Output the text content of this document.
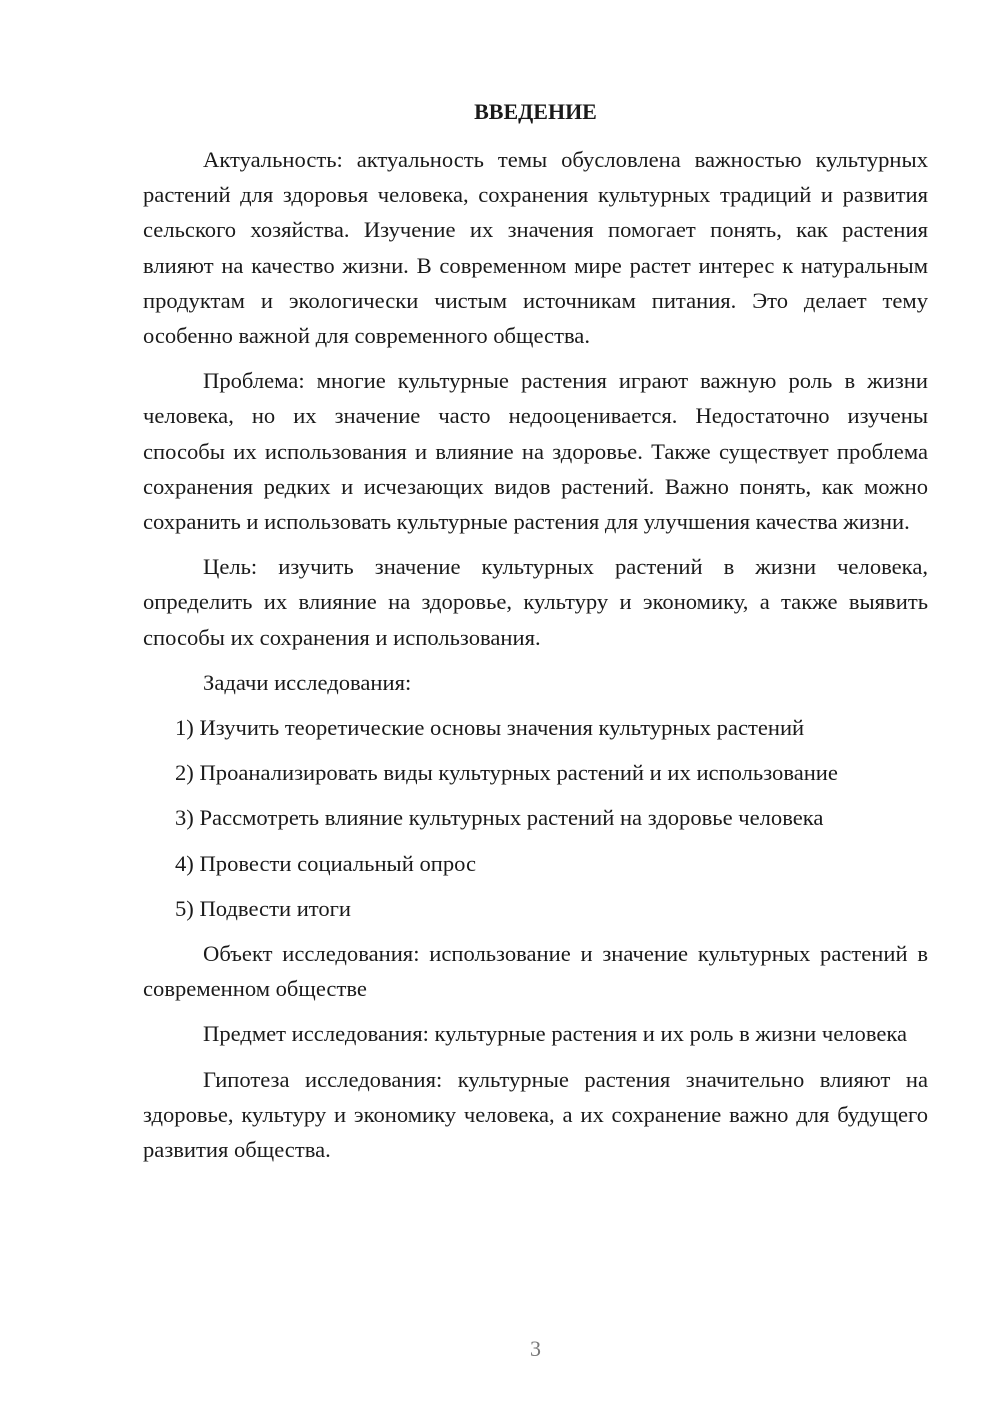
ВВЕДЕНИЕ

Актуальность: актуальность темы обусловлена важностью культурных растений для здоровья человека, сохранения культурных традиций и развития сельского хозяйства. Изучение их значения помогает понять, как растения влияют на качество жизни. В современном мире растет интерес к натуральным продуктам и экологически чистым источникам питания. Это делает тему особенно важной для современного общества.

Проблема: многие культурные растения играют важную роль в жизни человека, но их значение часто недооценивается. Недостаточно изучены способы их использования и влияние на здоровье. Также существует проблема сохранения редких и исчезающих видов растений. Важно понять, как можно сохранить и использовать культурные растения для улучшения качества жизни.

Цель: изучить значение культурных растений в жизни человека, определить их влияние на здоровье, культуру и экономику, а также выявить способы их сохранения и использования.

Задачи исследования:

1) Изучить теоретические основы значения культурных растений

2) Проанализировать виды культурных растений и их использование

3) Рассмотреть влияние культурных растений на здоровье человека

4) Провести социальный опрос

5) Подвести итоги

Объект исследования: использование и значение культурных растений в современном обществе

Предмет исследования: культурные растения и их роль в жизни человека

Гипотеза исследования: культурные растения значительно влияют на здоровье, культуру и экономику человека, а их сохранение важно для будущего развития общества.

3
